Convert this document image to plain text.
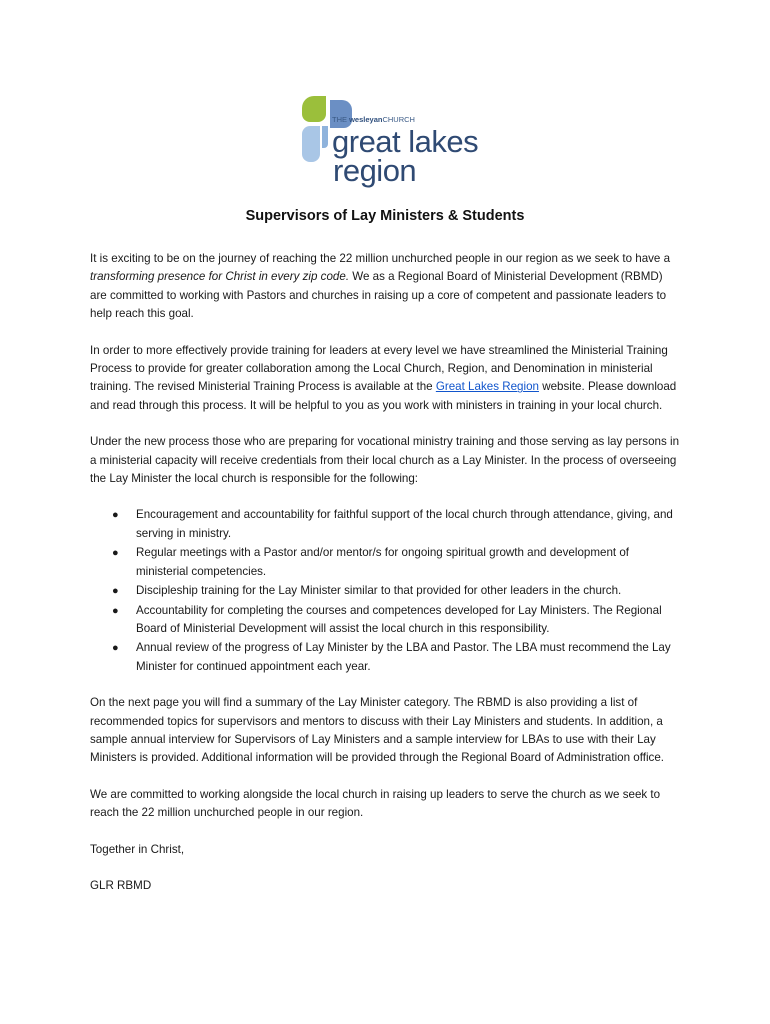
THE wesleyanCHURCH
great lakes
region
Supervisors of Lay Ministers & Students

It is exciting to be on the journey of reaching the 22 million unchurched people in our region as we seek to have a transforming presence for Christ in every zip code. We as a Regional Board of Ministerial Development (RBMD) are committed to working with Pastors and churches in raising up a core of competent and passionate leaders to help reach this goal.

In order to more effectively provide training for leaders at every level we have streamlined the Ministerial Training Process to provide for greater collaboration among the Local Church, Region, and Denomination in ministerial training. The revised Ministerial Training Process is available at the Great Lakes Region website. Please download and read through this process. It will be helpful to you as you work with ministers in training in your local church.

Under the new process those who are preparing for vocational ministry training and those serving as lay persons in a ministerial capacity will receive credentials from their local church as a Lay Minister. In the process of overseeing the Lay Minister the local church is responsible for the following:

● Encouragement and accountability for faithful support of the local church through attendance, giving, and serving in ministry.
● Regular meetings with a Pastor and/or mentor/s for ongoing spiritual growth and development of ministerial competencies.
● Discipleship training for the Lay Minister similar to that provided for other leaders in the church.
● Accountability for completing the courses and competences developed for Lay Ministers. The Regional Board of Ministerial Development will assist the local church in this responsibility.
● Annual review of the progress of Lay Minister by the LBA and Pastor. The LBA must recommend the Lay Minister for continued appointment each year.

On the next page you will find a summary of the Lay Minister category. The RBMD is also providing a list of recommended topics for supervisors and mentors to discuss with their Lay Ministers and students. In addition, a sample annual interview for Supervisors of Lay Ministers and a sample interview for LBAs to use with their Lay Ministers is provided. Additional information will be provided through the Regional Board of Administration office.

We are committed to working alongside the local church in raising up leaders to serve the church as we seek to reach the 22 million unchurched people in our region.

Together in Christ,

GLR RBMD
